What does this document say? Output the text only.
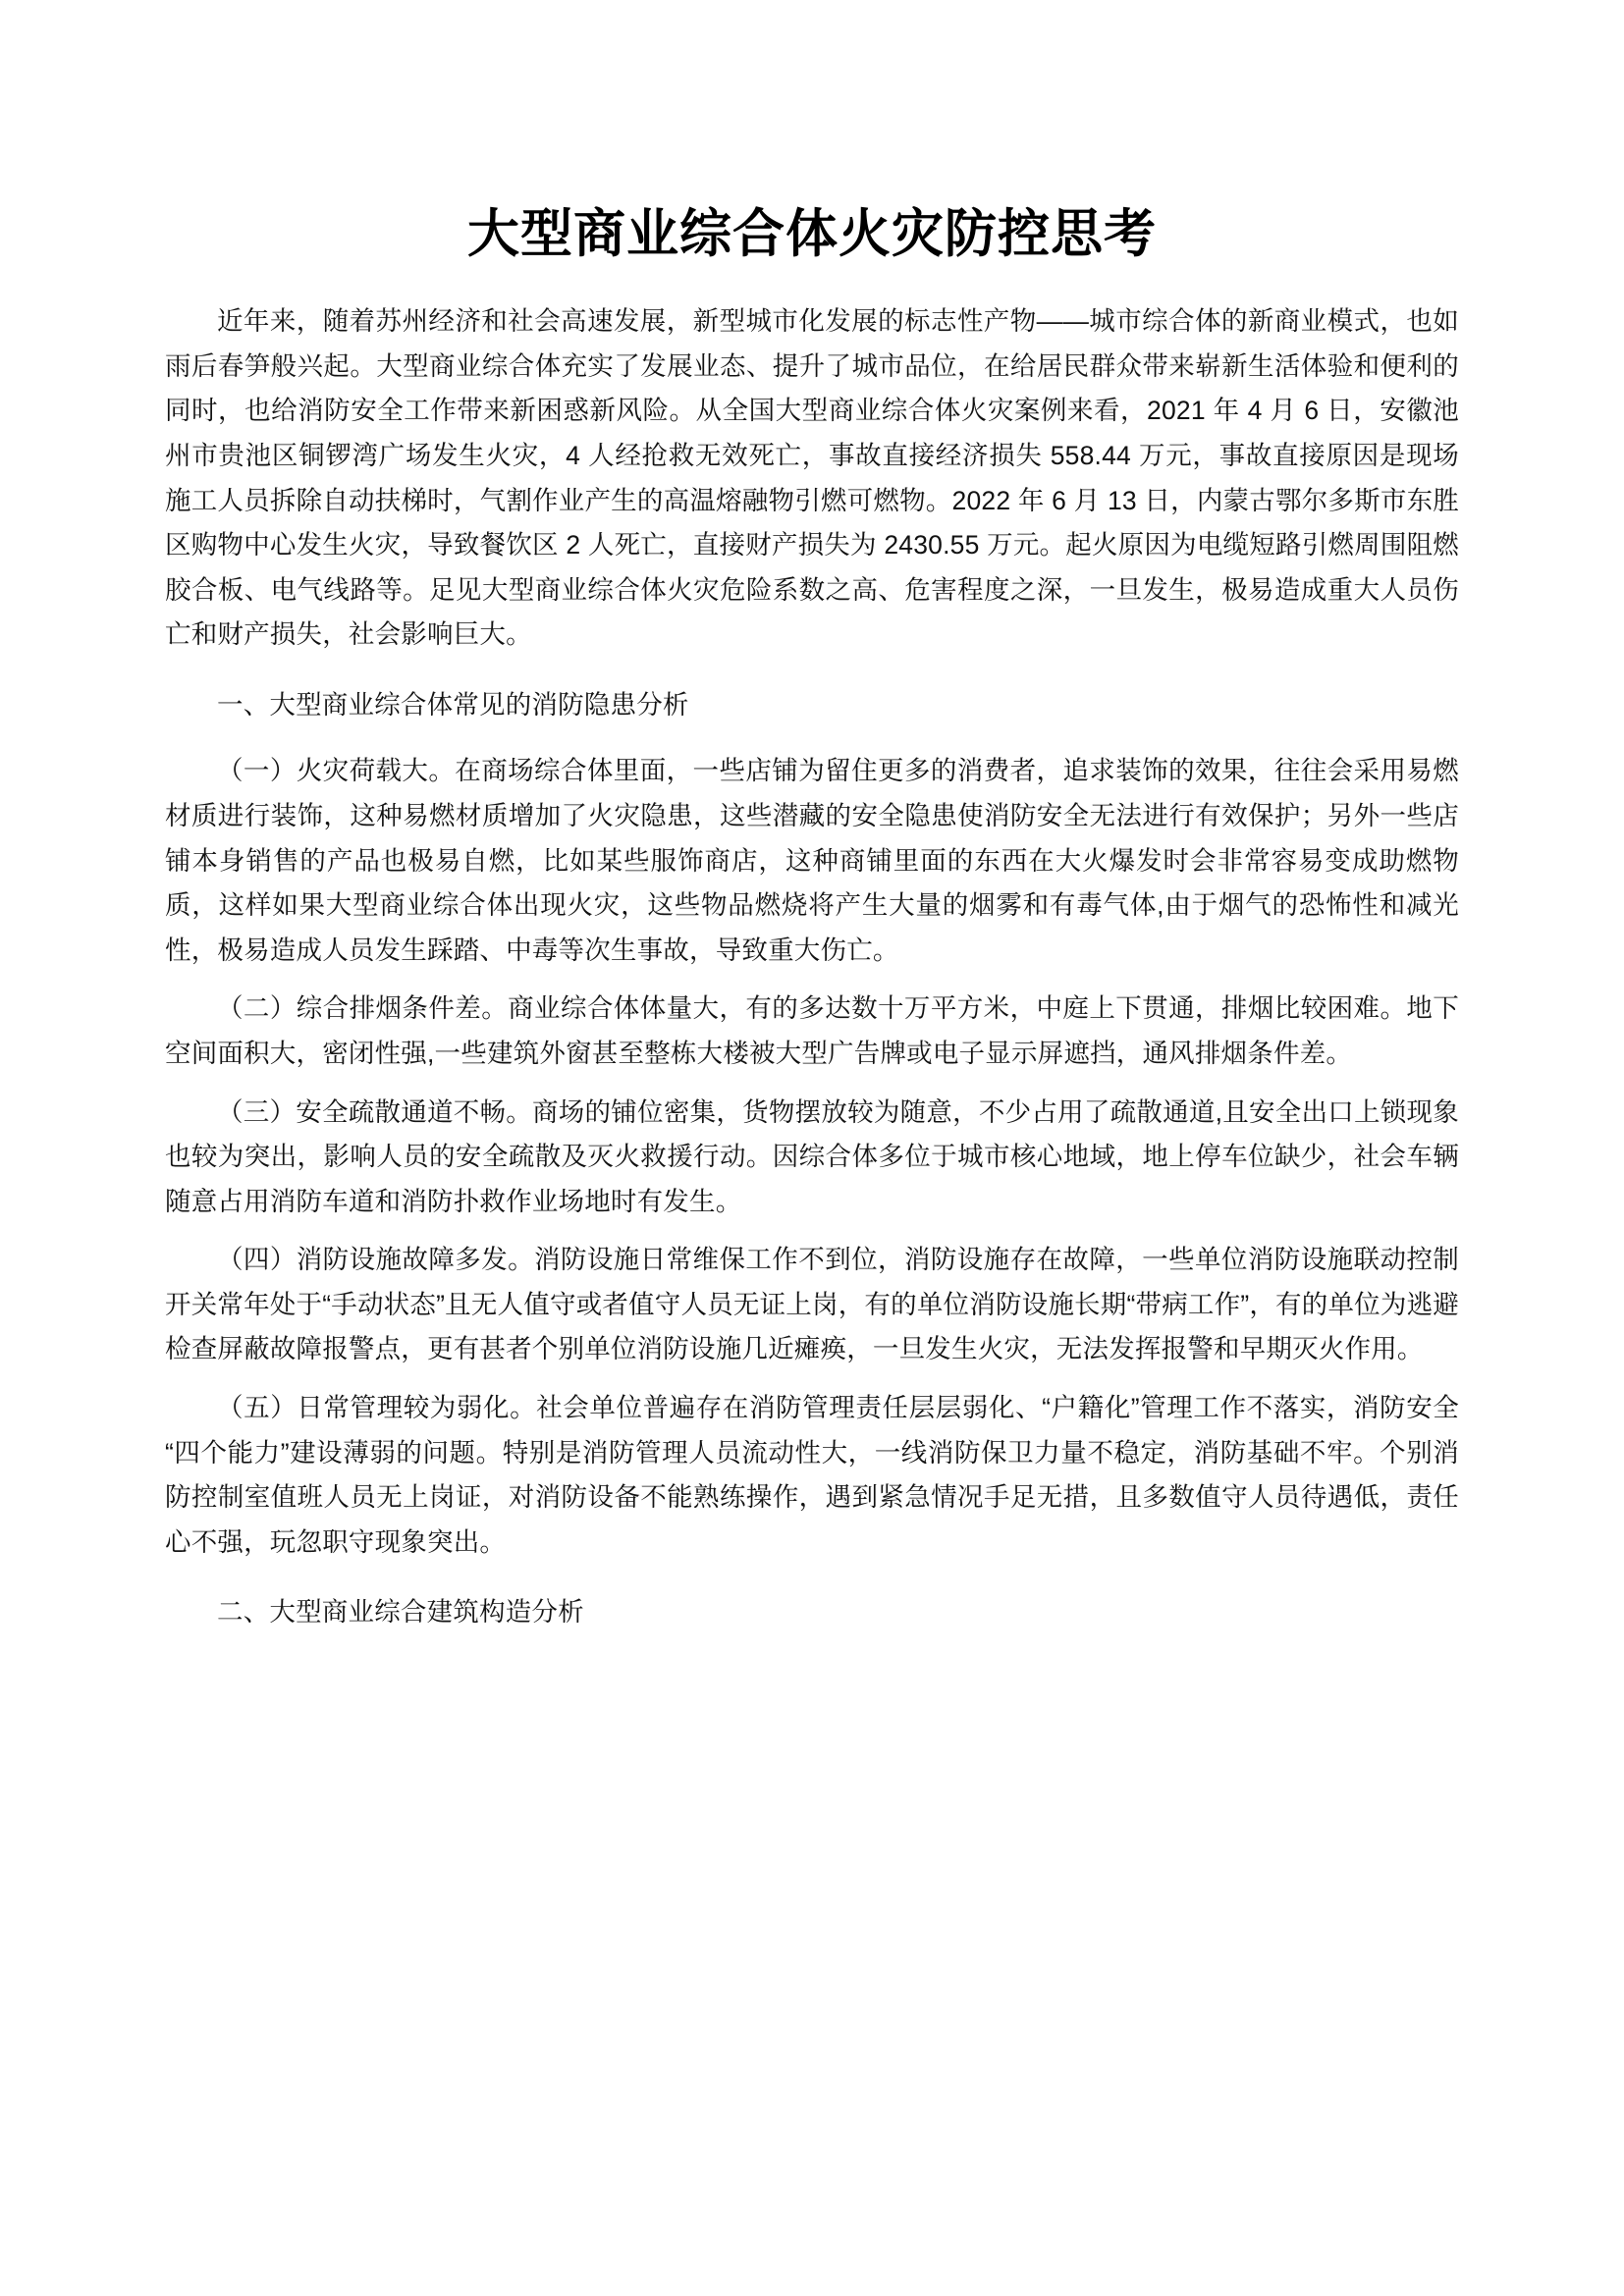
大型商业综合体火灾防控思考

近年来，随着苏州经济和社会高速发展，新型城市化发展的标志性产物——城市综合体的新商业模式，也如雨后春笋般兴起。大型商业综合体充实了发展业态、提升了城市品位，在给居民群众带来崭新生活体验和便利的同时，也给消防安全工作带来新困惑新风险。从全国大型商业综合体火灾案例来看，2021 年 4 月 6 日，安徽池州市贵池区铜锣湾广场发生火灾，4 人经抢救无效死亡，事故直接经济损失 558.44 万元，事故直接原因是现场施工人员拆除自动扶梯时，气割作业产生的高温熔融物引燃可燃物。2022 年 6 月 13 日，内蒙古鄂尔多斯市东胜区购物中心发生火灾，导致餐饮区 2 人死亡，直接财产损失为 2430.55 万元。起火原因为电缆短路引燃周围阻燃胶合板、电气线路等。足见大型商业综合体火灾危险系数之高、危害程度之深，一旦发生，极易造成重大人员伤亡和财产损失，社会影响巨大。

一、大型商业综合体常见的消防隐患分析

（一）火灾荷载大。在商场综合体里面，一些店铺为留住更多的消费者，追求装饰的效果，往往会采用易燃材质进行装饰，这种易燃材质增加了火灾隐患，这些潜藏的安全隐患使消防安全无法进行有效保护；另外一些店铺本身销售的产品也极易自燃，比如某些服饰商店，这种商铺里面的东西在大火爆发时会非常容易变成助燃物质，这样如果大型商业综合体出现火灾，这些物品燃烧将产生大量的烟雾和有毒气体,由于烟气的恐怖性和减光性，极易造成人员发生踩踏、中毒等次生事故，导致重大伤亡。

（二）综合排烟条件差。商业综合体体量大，有的多达数十万平方米，中庭上下贯通，排烟比较困难。地下空间面积大，密闭性强,一些建筑外窗甚至整栋大楼被大型广告牌或电子显示屏遮挡，通风排烟条件差。

（三）安全疏散通道不畅。商场的铺位密集，货物摆放较为随意，不少占用了疏散通道,且安全出口上锁现象也较为突出，影响人员的安全疏散及灭火救援行动。因综合体多位于城市核心地域，地上停车位缺少，社会车辆随意占用消防车道和消防扑救作业场地时有发生。

（四）消防设施故障多发。消防设施日常维保工作不到位，消防设施存在故障，一些单位消防设施联动控制开关常年处于“手动状态”且无人值守或者值守人员无证上岗，有的单位消防设施长期“带病工作”，有的单位为逃避检查屏蔽故障报警点，更有甚者个别单位消防设施几近瘫痪，一旦发生火灾，无法发挥报警和早期灭火作用。

（五）日常管理较为弱化。社会单位普遍存在消防管理责任层层弱化、“户籍化”管理工作不落实，消防安全“四个能力”建设薄弱的问题。特别是消防管理人员流动性大，一线消防保卫力量不稳定，消防基础不牢。个别消防控制室值班人员无上岗证，对消防设备不能熟练操作，遇到紧急情况手足无措，且多数值守人员待遇低，责任心不强，玩忽职守现象突出。

二、大型商业综合建筑构造分析
